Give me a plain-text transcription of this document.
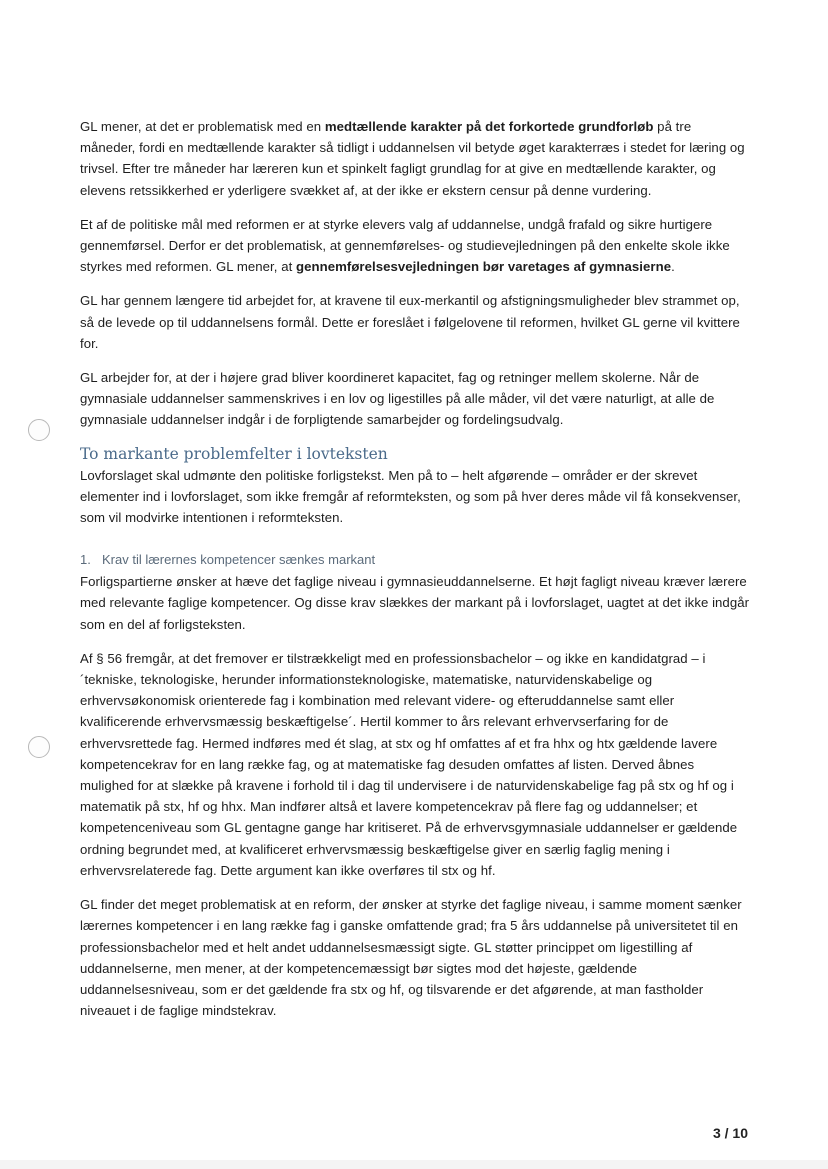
GL mener, at det er problematisk med en medtællende karakter på det forkortede grundforløb på tre måneder, fordi en medtællende karakter så tidligt i uddannelsen vil betyde øget karakterræs i stedet for læring og trivsel. Efter tre måneder har læreren kun et spinkelt fagligt grundlag for at give en medtællende karakter, og elevens retssikkerhed er yderligere svækket af, at der ikke er ekstern censur på denne vurdering.

Et af de politiske mål med reformen er at styrke elevers valg af uddannelse, undgå frafald og sikre hurtigere gennemførsel. Derfor er det problematisk, at gennemførelses- og studievejledningen på den enkelte skole ikke styrkes med reformen. GL mener, at gennemførelsesvejledningen bør varetages af gymnasierne.

GL har gennem længere tid arbejdet for, at kravene til eux-merkantil og afstigningsmuligheder blev strammet op, så de levede op til uddannelsens formål. Dette er foreslået i følgelovene til reformen, hvilket GL gerne vil kvittere for.

GL arbejder for, at der i højere grad bliver koordineret kapacitet, fag og retninger mellem skolerne. Når de gymnasiale uddannelser sammenskrives i en lov og ligestilles på alle måder, vil det være naturligt, at alle de gymnasiale uddannelser indgår i de forpligtende samarbejder og fordelingsudvalg.

To markante problemfelter i lovteksten

Lovforslaget skal udmønte den politiske forligstekst. Men på to – helt afgørende – områder er der skrevet elementer ind i lovforslaget, som ikke fremgår af reformteksten, og som på hver deres måde vil få konsekvenser, som vil modvirke intentionen i reformteksten.

1. Krav til lærernes kompetencer sænkes markant

Forligspartierne ønsker at hæve det faglige niveau i gymnasieuddannelserne. Et højt fagligt niveau kræver lærere med relevante faglige kompetencer. Og disse krav slækkes der markant på i lovforslaget, uagtet at det ikke indgår som en del af forligsteksten.

Af § 56 fremgår, at det fremover er tilstrækkeligt med en professionsbachelor – og ikke en kandidatgrad – i ´tekniske, teknologiske, herunder informationsteknologiske, matematiske, naturvidenskabelige og erhvervsøkonomisk orienterede fag i kombination med relevant videre- og efteruddannelse samt eller kvalificerende erhvervsmæssig beskæftigelse´. Hertil kommer to års relevant erhvervserfaring for de erhvervsrettede fag. Hermed indføres med ét slag, at stx og hf omfattes af et fra hhx og htx gældende lavere kompetencekrav for en lang række fag, og at matematiske fag desuden omfattes af listen. Derved åbnes mulighed for at slække på kravene i forhold til i dag til undervisere i de naturvidenskabelige fag på stx og hf og i matematik på stx, hf og hhx. Man indfører altså et lavere kompetencekrav på flere fag og uddannelser; et kompetenceniveau som GL gentagne gange har kritiseret. På de erhvervsgymnasiale uddannelser er gældende ordning begrundet med, at kvalificeret erhvervsmæssig beskæftigelse giver en særlig faglig mening i erhvervsrelaterede fag. Dette argument kan ikke overføres til stx og hf.

GL finder det meget problematisk at en reform, der ønsker at styrke det faglige niveau, i samme moment sænker lærernes kompetencer i en lang række fag i ganske omfattende grad; fra 5 års uddannelse på universitetet til en professionsbachelor med et helt andet uddannelsesmæssigt sigte. GL støtter princippet om ligestilling af uddannelserne, men mener, at der kompetencemæssigt bør sigtes mod det højeste, gældende uddannelsesniveau, som er det gældende fra stx og hf, og tilsvarende er det afgørende, at man fastholder niveauet i de faglige mindstekrav.

3 / 10
